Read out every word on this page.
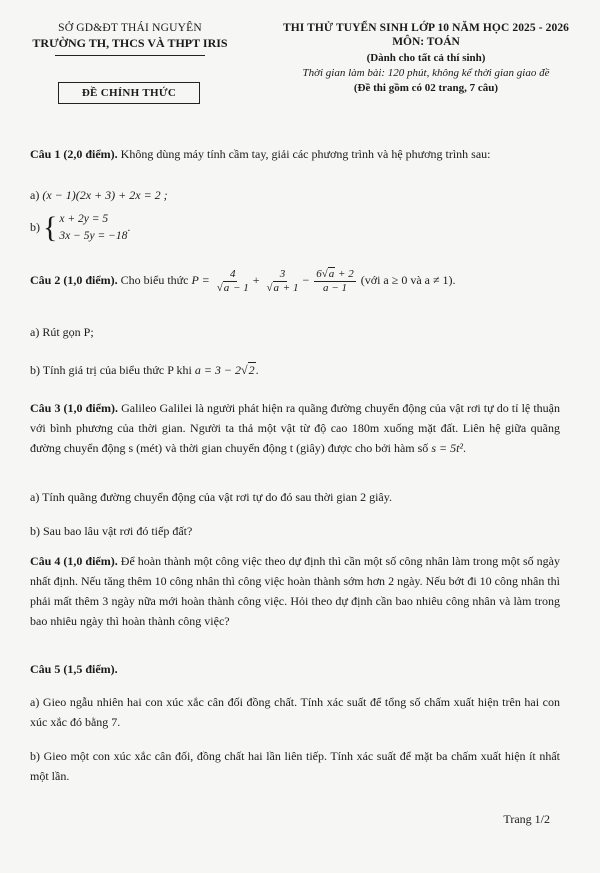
SỞ GD&ĐT THÁI NGUYÊN
TRƯỜNG TH, THCS VÀ THPT IRIS
ĐỀ CHÍNH THỨC
THI THỬ TUYỂN SINH LỚP 10 NĂM HỌC 2025 - 2026
MÔN: TOÁN
(Dành cho tất cả thí sinh)
Thời gian làm bài: 120 phút, không kể thời gian giao đề
(Đề thi gồm có 02 trang, 7 câu)
Câu 1 (2,0 điểm). Không dùng máy tính cầm tay, giải các phương trình và hệ phương trình sau:
a) (x − 1)(2x + 3) + 2x = 2 ;
b) { x + 2y = 5
3x − 5y = −18
.
Câu 2 (1,0 điểm). Cho biểu thức $P = \frac{4}{√a - 1} + \frac{3}{√a + 1} - \frac{6√a + 2}{a - 1}$ (với a ≥ 0 và a ≠ 1).
a) Rút gọn P;
b) Tính giá trị của biểu thức P khi a = 3 − 2√2.
Câu 3 (1,0 điểm). Galileo Galilei là người phát hiện ra quãng đường chuyển động của vật rơi tự do tỉ lệ thuận với bình phương của thời gian. Người ta thả một vật từ độ cao 180m xuống mặt đất. Liên hệ giữa quãng đường chuyển động s (mét) và thời gian chuyển động t (giây) được cho bởi hàm số s = 5t².
a) Tính quãng đường chuyển động của vật rơi tự do đó sau thời gian 2 giây.
b) Sau bao lâu vật rơi đó tiếp đất?
Câu 4 (1,0 điểm). Để hoàn thành một công việc theo dự định thì cần một số công nhân làm trong một số ngày nhất định. Nếu tăng thêm 10 công nhân thì công việc hoàn thành sớm hơn 2 ngày. Nếu bớt đi 10 công nhân thì phải mất thêm 3 ngày nữa mới hoàn thành công việc. Hỏi theo dự định cần bao nhiêu công nhân và làm trong bao nhiêu ngày thì hoàn thành công việc?
Câu 5 (1,5 điểm).
a) Gieo ngẫu nhiên hai con xúc xắc cân đối đồng chất. Tính xác suất để tổng số chấm xuất hiện trên hai con xúc xắc đó bằng 7.
b) Gieo một con xúc xắc cân đối, đồng chất hai lần liên tiếp. Tính xác suất để mặt ba chấm xuất hiện ít nhất một lần.
Trang 1/2
